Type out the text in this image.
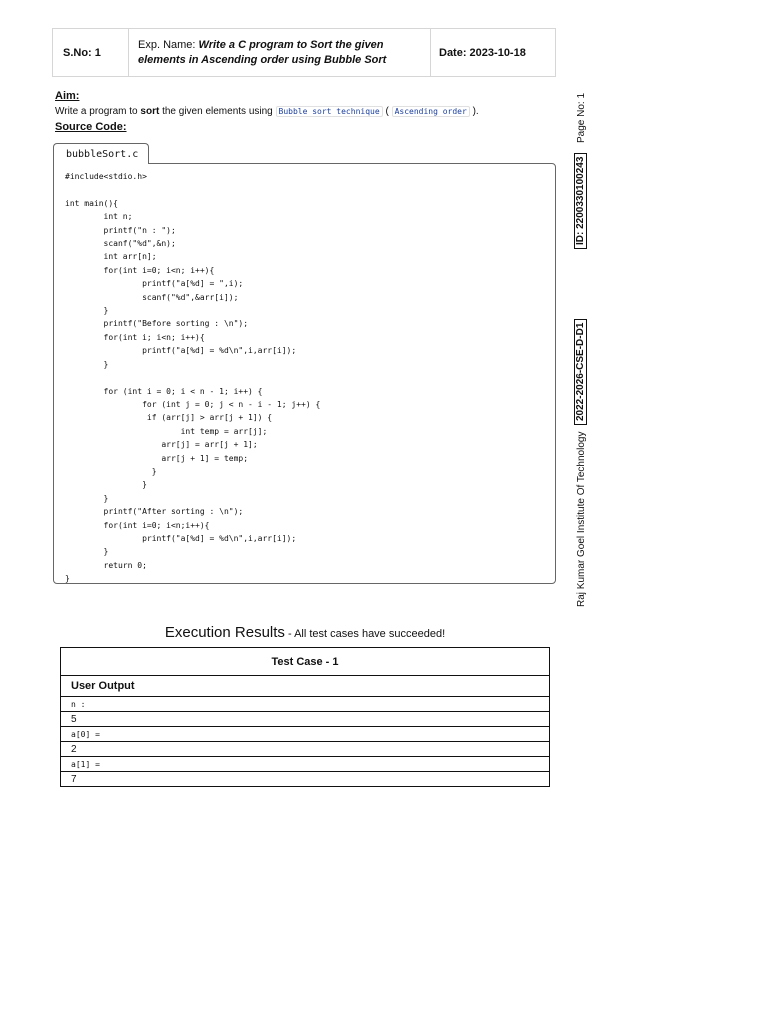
S.No: 1
Exp. Name: Write a C program to Sort the given elements in Ascending order using Bubble Sort
Date: 2023-10-18
Aim:
Write a program to sort the given elements using Bubble sort technique ( Ascending order ).
Source Code:
bubbleSort.c
#include<stdio.h>

int main(){
int n;
printf("n : ");
scanf("%d",&n);
int arr[n];
for(int i=0; i<n; i++){
printf("a[%d] = ",i);
scanf("%d",&arr[i]);
}
printf("Before sorting : \n");
for(int i; i<n; i++){
printf("a[%d] = %d\n",i,arr[i]);
}

for (int i = 0; i < n - 1; i++) {
for (int j = 0; j < n - i - 1; j++) {
if (arr[j] > arr[j + 1]) {
int temp = arr[j];
arr[j] = arr[j + 1];
arr[j + 1] = temp;
}
}
}
printf("After sorting : \n");
for(int i=0; i<n;i++){
printf("a[%d] = %d\n",i,arr[i]);
}
return 0;
}
Execution Results - All test cases have succeeded!
Test Case - 1
User Output
n :
5
a[0] =
2
a[1] =
7
Page No: 1
ID: 2200330100243
2022-2026-CSE-D-D1
Raj Kumar Goel Institute Of Technology
